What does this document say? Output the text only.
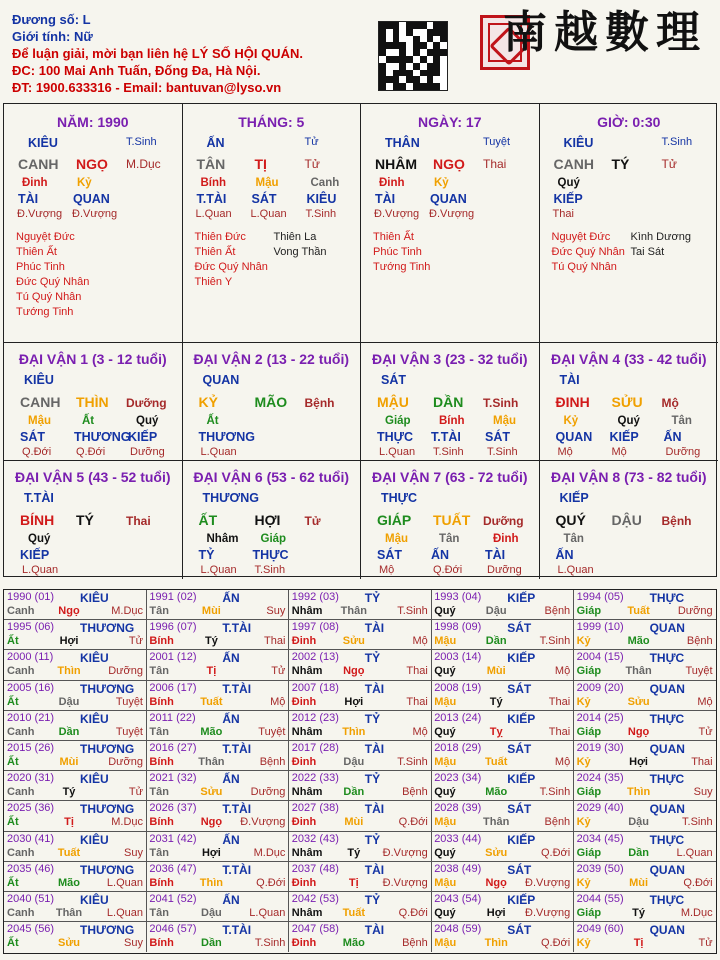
Đương số: L
Giới tính: Nữ
Để luận giải, mời bạn liên hệ LÝ SỐ HỘI QUÁN.
ĐC: 100 Mai Anh Tuấn, Đống Đa, Hà Nội.
ĐT: 1900.633316 - Email: bantuvan@lyso.vn
南越數理
NĂM: 1990
KIÊU	T.Sinh
CANH NGỌ M.Dục
Đinh
TÀI
Đ.Vượng
Kỷ
QUAN
Đ.Vượng
Nguyệt Đức
Thiên Ất
Phúc Tinh
Đức Quý Nhân
Tú Quý Nhân
Tướng Tinh
THÁNG: 5
ẤN	Tử
TÂN TỊ	Tử
Bính
T.TÀI
L.Quan
Mậu
SÁT
L.Quan
Canh
KIÊU
T.Sinh
Thiên Đức
Thiên Ất
Đức Quý Nhân
Thiên Y
Thiên La
Vong Thần
NGÀY: 17
THÂN	Tuyệt
NHÂM NGỌ Thai
Đinh
TÀI
Đ.Vượng
Kỷ
QUAN
Đ.Vượng
Thiên Ất
Phúc Tinh
Tướng Tinh
GIỜ: 0:30
KIÊU	T.Sinh
CANH TÝ	Tử
Quý
KIẾP
Thai
Nguyệt Đức
Đức Quý Nhân
Tú Quý Nhân
Kình Dương
Tai Sát
ĐẠI VẬN 1 (3 - 12 tuổi)
KIÊU
CANH THÌN Dưỡng
Mậu
SÁT
Q.Đới
Ất
THƯƠNG
Q.Đới
Quý
KIẾP
Dưỡng
ĐẠI VẬN 2 (13 - 22 tuổi)
QUAN
KỶ	MÃO Bệnh
Ất
THƯƠNG
L.Quan
ĐẠI VẬN 3 (23 - 32 tuổi)
SÁT
MẬU DẦN T.Sinh
Giáp
THỰC
L.Quan
Bính
T.TÀI
T.Sinh
Mậu
SÁT
T.Sinh
ĐẠI VẬN 4 (33 - 42 tuổi)
TÀI
ĐINH SỬU Mộ
Kỷ
QUAN
Mộ
Quý
KIẾP
Mộ
Tân
ẤN
Dưỡng
ĐẠI VẬN 5 (43 - 52 tuổi)
T.TÀI
BÍNH TÝ	Thai
Quý
KIẾP
L.Quan
ĐẠI VẬN 6 (53 - 62 tuổi)
THƯƠNG
ẤT	HỢI Tử
Nhâm
TỶ
L.Quan
Giáp
THỰC
T.Sinh
ĐẠI VẬN 7 (63 - 72 tuổi)
THỰC
GIÁP TUẤT Dưỡng
Mậu
SÁT
Mộ
Tân
ẤN
Q.Đới
Đinh
TÀI
Dưỡng
ĐẠI VẬN 8 (73 - 82 tuổi)
KIẾP
QUÝ DẬU Bệnh
Tân
ẤN
L.Quan
1990 (01) KIÊU
Canh	Ngọ	M.Dục
1991 (02) ẤN
Tân	Mùi	Suy
1992 (03) TỶ
Nhâm	Thân	T.Sinh
1993 (04) KIẾP
Quý	Dậu	Bệnh
1994 (05) THỰC
Giáp	Tuất	Dưỡng
1995 (06) THƯƠNG
Ất	Hợi	Tử
1996 (07) T.TÀI
Bính	Tý	Thai
1997 (08) TÀI
Đinh	Sửu	Mộ
1998 (09) SÁT
Mậu	Dần	T.Sinh
1999 (10) QUAN
Kỷ	Mão	Bệnh
2000 (11) KIÊU
Canh	Thìn	Dưỡng
2001 (12) ẤN
Tân	Tị	Tử
2002 (13) TỶ
Nhâm	Ngọ	Thai
2003 (14) KIẾP
Quý	Mùi	Mộ
2004 (15) THỰC
Giáp	Thân	Tuyệt
2005 (16) THƯƠNG
Ất	Dậu	Tuyệt
2006 (17) T.TÀI
Bính	Tuất	Mộ
2007 (18) TÀI
Đinh	Hợi	Thai
2008 (19) SÁT
Mậu	Tý	Thai
2009 (20) QUAN
Kỷ	Sửu	Mộ
2010 (21) KIÊU
Canh	Dần	Tuyệt
2011 (22) ẤN
Tân	Mão	Tuyệt
2012 (23) TỶ
Nhâm	Thìn	Mộ
2013 (24) KIẾP
Quý	Tỵ	Thai
2014 (25) THỰC
Giáp	Ngọ	Tử
2015 (26) THƯƠNG
Ất	Mùi	Dưỡng
2016 (27) T.TÀI
Bính	Thân	Bệnh
2017 (28) TÀI
Đinh	Dậu	T.Sinh
2018 (29) SÁT
Mậu	Tuất	Mộ
2019 (30) QUAN
Kỷ	Hợi	Thai
2020 (31) KIÊU
Canh	Tý	Tử
2021 (32) ẤN
Tân	Sửu	Dưỡng
2022 (33) TỶ
Nhâm	Dần	Bệnh
2023 (34) KIẾP
Quý	Mão	T.Sinh
2024 (35) THỰC
Giáp	Thìn	Suy
2025 (36) THƯƠNG
Ất	Tị	M.Dục
2026 (37) T.TÀI
Bính	Ngọ	Đ.Vượng
2027 (38) TÀI
Đinh	Mùi	Q.Đới
2028 (39) SÁT
Mậu	Thân	Bệnh
2029 (40) QUAN
Kỷ	Dậu	T.Sinh
2030 (41) KIÊU
Canh	Tuất	Suy
2031 (42) ẤN
Tân	Hợi	M.Dục
2032 (43) TỶ
Nhâm	Tý	Đ.Vượng
2033 (44) KIẾP
Quý	Sửu	Q.Đới
2034 (45) THỰC
Giáp	Dần	L.Quan
2035 (46) THƯƠNG
Ất	Mão	L.Quan
2036 (47) T.TÀI
Bính	Thìn	Q.Đới
2037 (48) TÀI
Đinh	Tị	Đ.Vượng
2038 (49) SÁT
Mậu	Ngọ	Đ.Vượng
2039 (50) QUAN
Kỷ	Mùi	Q.Đới
2040 (51) KIÊU
Canh	Thân	L.Quan
2041 (52) ẤN
Tân	Dậu	L.Quan
2042 (53) TỶ
Nhâm	Tuất	Q.Đới
2043 (54) KIẾP
Quý	Hợi	Đ.Vượng
2044 (55) THỰC
Giáp	Tý	M.Dục
2045 (56) THƯƠNG
Ất	Sửu	Suy
2046 (57) T.TÀI
Bính	Dần	T.Sinh
2047 (58) TÀI
Đinh	Mão	Bệnh
2048 (59) SÁT
Mậu	Thìn	Q.Đới
2049 (60) QUAN
Kỷ	Tị	Tử
